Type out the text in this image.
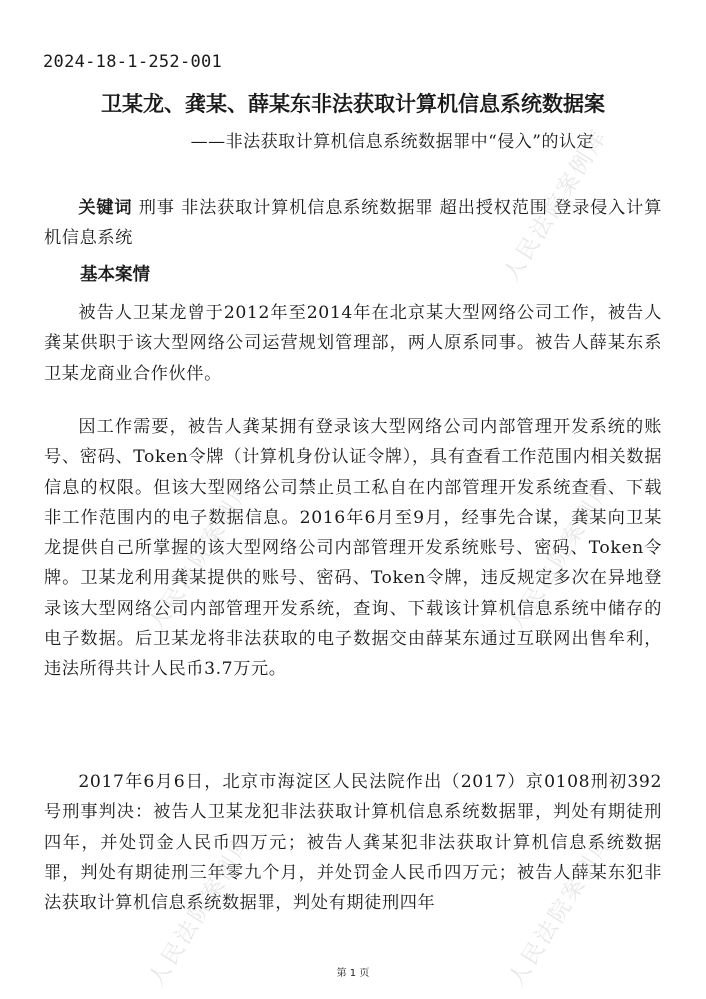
2024-18-1-252-001
卫某龙、龚某、薛某东非法获取计算机信息系统数据案
——非法获取计算机信息系统数据罪中“侵入”的认定

关键词 刑事 非法获取计算机信息系统数据罪 超出授权范围 登录侵入计算机信息系统

基本案情

被告人卫某龙曾于2012年至2014年在北京某大型网络公司工作，被告人龚某供职于该大型网络公司运营规划管理部，两人原系同事。被告人薛某东系卫某龙商业合作伙伴。

因工作需要，被告人龚某拥有登录该大型网络公司内部管理开发系统的账号、密码、Token令牌（计算机身份认证令牌），具有查看工作范围内相关数据信息的权限。但该大型网络公司禁止员工私自在内部管理开发系统查看、下载非工作范围内的电子数据信息。2016年6月至9月，经事先合谋，龚某向卫某龙提供自己所掌握的该大型网络公司内部管理开发系统账号、密码、Token令牌。卫某龙利用龚某提供的账号、密码、Token令牌，违反规定多次在异地登录该大型网络公司内部管理开发系统，查询、下载该计算机信息系统中储存的电子数据。后卫某龙将非法获取的电子数据交由薛某东通过互联网出售牟利，违法所得共计人民币3.7万元。

2017年6月6日，北京市海淀区人民法院作出（2017）京0108刑初392号刑事判决：被告人卫某龙犯非法获取计算机信息系统数据罪，判处有期徒刑四年，并处罚金人民币四万元；被告人龚某犯非法获取计算机信息系统数据罪，判处有期徒刑三年零九个月，并处罚金人民币四万元；被告人薛某东犯非法获取计算机信息系统数据罪，判处有期徒刑四年

人民法院案例库
人民法院案例库	人民法院案例库
人民法院案例库	人民法院案例库
第 1 页
